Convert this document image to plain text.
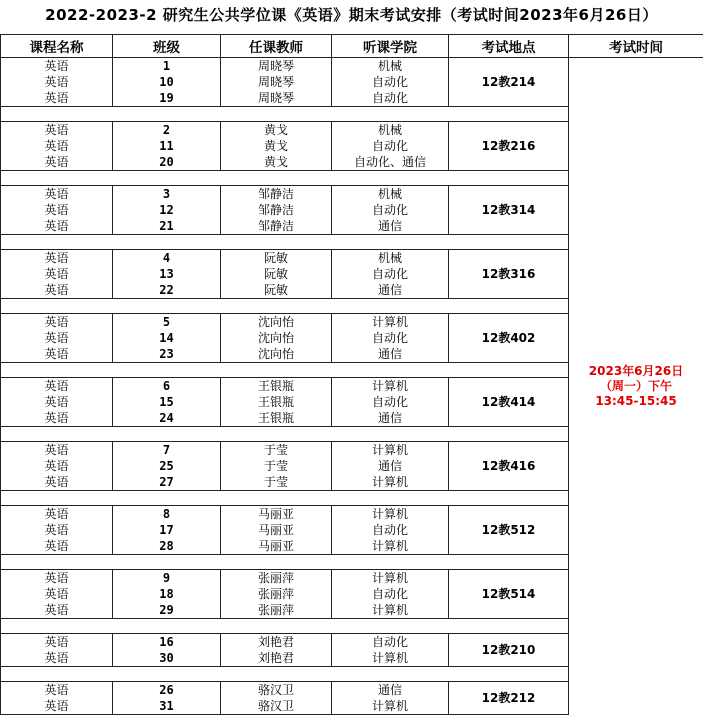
2022-2023-2 研究生公共学位课《英语》期末考试安排（考试时间2023年6月26日）
课程名称	班级	任课教师	听课学院	考试地点	考试时间
英语	1	周晓琴	机械	12教214	2023年6月26日
（周一）下午
13:45-15:45

英语	10	周晓琴	自动化		
英语	19	周晓琴	自动化		

英语	2	黄戈	机械	12教216	
英语	11	黄戈	自动化		
英语	20	黄戈	自动化、通信		

英语	3	邹静洁	机械	12教314	
英语	12	邹静洁	自动化		
英语	21	邹静洁	通信		

英语	4	阮敏	机械	12教316	
英语	13	阮敏	自动化		
英语	22	阮敏	通信		

英语	5	沈向怡	计算机	12教402	
英语	14	沈向怡	自动化		
英语	23	沈向怡	通信		

英语	6	王银瓶	计算机	12教414	
英语	15	王银瓶	自动化		
英语	24	王银瓶	通信		

英语	7	于莹	计算机	12教416	
英语	25	于莹	通信		
英语	27	于莹	计算机		

英语	8	马丽亚	计算机	12教512	
英语	17	马丽亚	自动化		
英语	28	马丽亚	计算机		

英语	9	张丽萍	计算机	12教514	
英语	18	张丽萍	自动化		
英语	29	张丽萍	计算机		

英语	16	刘艳君	自动化	12教210	
英语	30	刘艳君	计算机		

英语	26	骆汉卫	通信	12教212	
英语	31	骆汉卫	计算机		
